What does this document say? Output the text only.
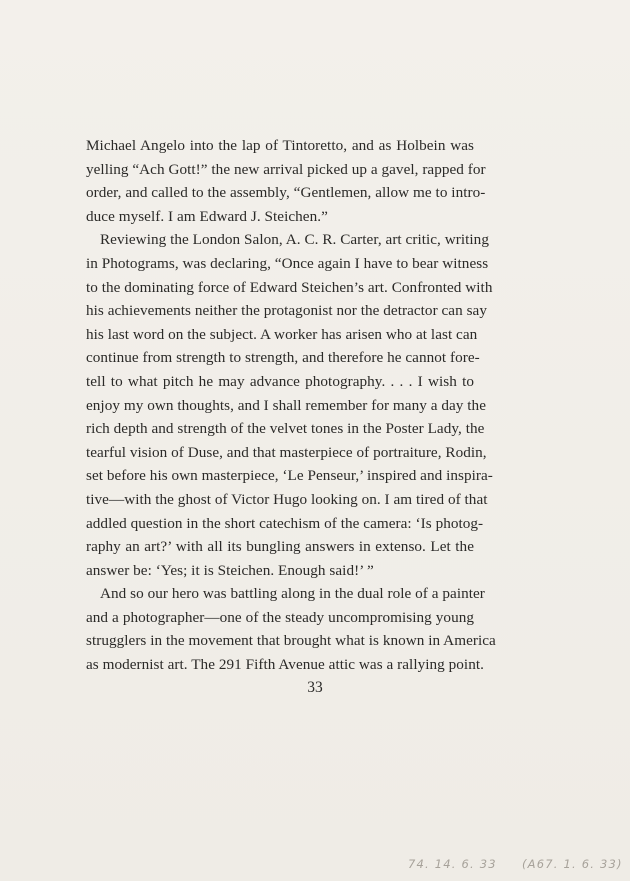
Michael Angelo into the lap of Tintoretto, and as Holbein was
yelling “Ach Gott!” the new arrival picked up a gavel, rapped for
order, and called to the assembly, “Gentlemen, allow me to intro-
duce myself. I am Edward J. Steichen.”
Reviewing the London Salon, A. C. R. Carter, art critic, writing
in Photograms, was declaring, “Once again I have to bear witness
to the dominating force of Edward Steichen’s art. Confronted with
his achievements neither the protagonist nor the detractor can say
his last word on the subject. A worker has arisen who at last can
continue from strength to strength, and therefore he cannot fore-
tell to what pitch he may advance photography. . . . I wish to
enjoy my own thoughts, and I shall remember for many a day the
rich depth and strength of the velvet tones in the Poster Lady, the
tearful vision of Duse, and that masterpiece of portraiture, Rodin,
set before his own masterpiece, ‘Le Penseur,’ inspired and inspira-
tive—with the ghost of Victor Hugo looking on. I am tired of that
addled question in the short catechism of the camera: ‘Is photog-
raphy an art?’ with all its bungling answers in extenso. Let the
answer be: ‘Yes; it is Steichen. Enough said!’ ”
And so our hero was battling along in the dual role of a painter
and a photographer—one of the steady uncompromising young
strugglers in the movement that brought what is known in America
as modernist art. The 291 Fifth Avenue attic was a rallying point.
33
74. 14. 6. 33 (A67. 1. 6. 33)
